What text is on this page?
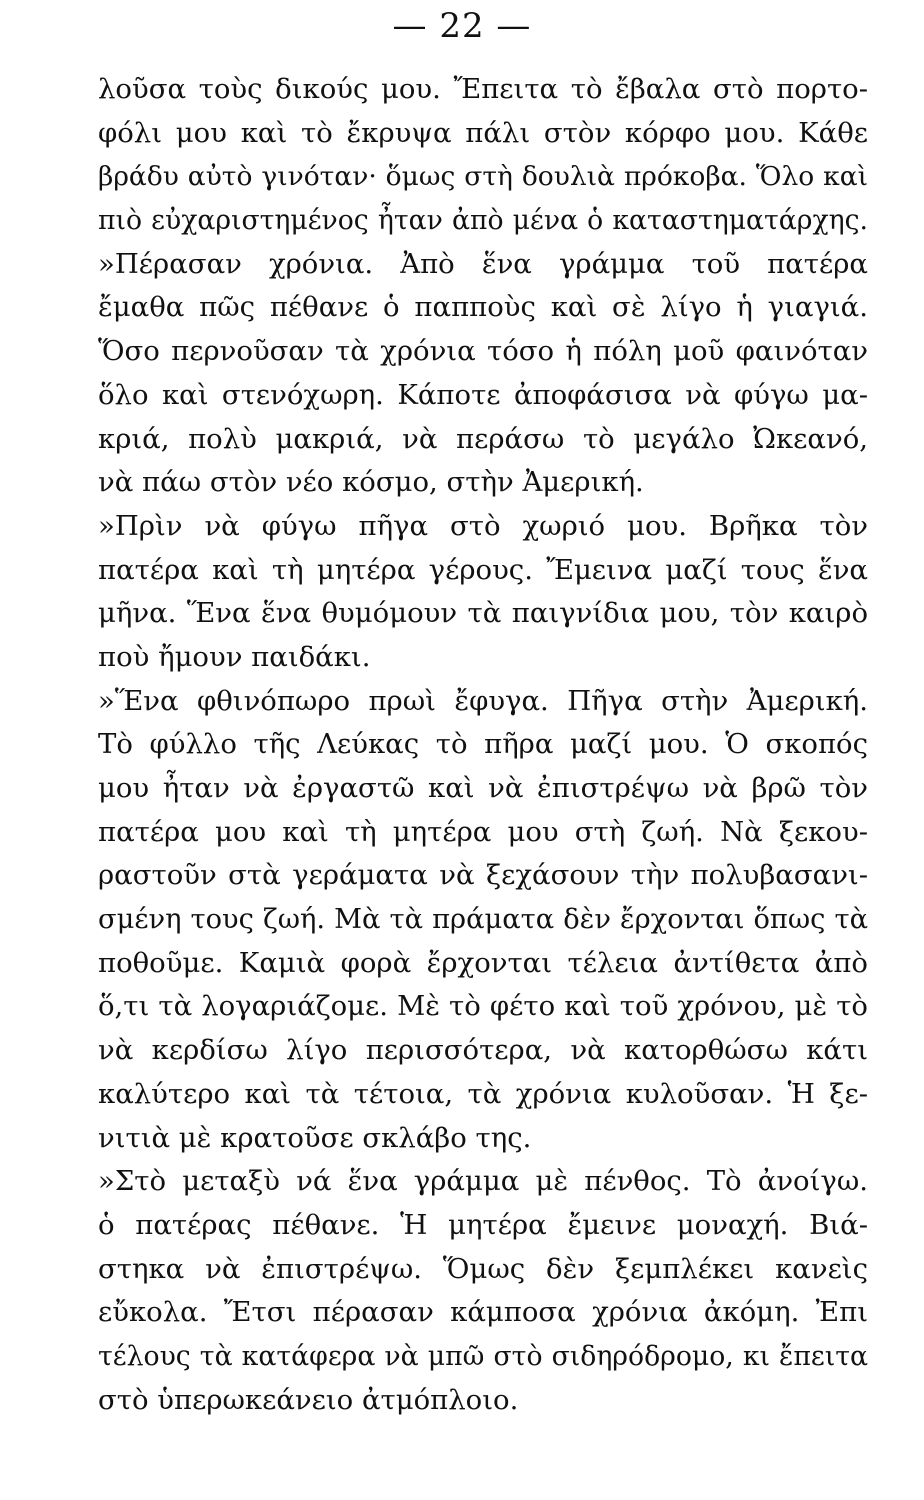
— 22 —
λοῦσα τοὺς δικούς μου. Ἔπειτα τὸ ἔβαλα στὸ πορτο-
φόλι μου καὶ τὸ ἔκρυψα πάλι στὸν κόρφο μου. Κάθε
βράδυ αὐτὸ γινόταν· ὅμως στὴ δουλιὰ πρόκοβα. Ὅλο καὶ
πιὸ εὐχαριστημένος ἦταν ἀπὸ μένα ὁ καταστηματάρχης.
»Πέρασαν χρόνια. Ἀπὸ ἕνα γράμμα τοῦ πατέρα
ἔμαθα πῶς πέθανε ὁ παπποὺς καὶ σὲ λίγο ἡ γιαγιά.
Ὅσο περνοῦσαν τὰ χρόνια τόσο ἡ πόλη μοῦ φαινόταν
ὅλο καὶ στενόχωρη. Κάποτε ἀποφάσισα νὰ φύγω μα-
κριά, πολὺ μακριά, νὰ περάσω τὸ μεγάλο Ὠκεανό,
νὰ πάω στὸν νέο κόσμο, στὴν Ἀμερική.
»Πρὶν νὰ φύγω πῆγα στὸ χωριό μου. Βρῆκα τὸν
πατέρα καὶ τὴ μητέρα γέρους. Ἔμεινα μαζί τους ἕνα
μῆνα. Ἕνα ἕνα θυμόμουν τὰ παιγνίδια μου, τὸν καιρὸ
ποὺ ἤμουν παιδάκι.
»Ἕνα φθινόπωρο πρωὶ ἔφυγα. Πῆγα στὴν Ἀμερική.
Τὸ φύλλο τῆς Λεύκας τὸ πῆρα μαζί μου. Ὁ σκοπός
μου ἦταν νὰ ἐργαστῶ καὶ νὰ ἐπιστρέψω νὰ βρῶ τὸν
πατέρα μου καὶ τὴ μητέρα μου στὴ ζωή. Νὰ ξεκου-
ραστοῦν στὰ γεράματα νὰ ξεχάσουν τὴν πολυβασανι-
σμένη τους ζωή. Μὰ τὰ πράματα δὲν ἔρχονται ὅπως τὰ
ποθοῦμε. Καμιὰ φορὰ ἔρχονται τέλεια ἀντίθετα ἀπὸ
ὅ,τι τὰ λογαριάζομε. Μὲ τὸ φέτο καὶ τοῦ χρόνου, μὲ τὸ
νὰ κερδίσω λίγο περισσότερα, νὰ κατορθώσω κάτι
καλύτερο καὶ τὰ τέτοια, τὰ χρόνια κυλοῦσαν. Ἡ ξε-
νιτιὰ μὲ κρατοῦσε σκλάβο της.
»Στὸ μεταξὺ νά ἕνα γράμμα μὲ πένθος. Τὸ ἀνοίγω.
ὁ πατέρας πέθανε. Ἡ μητέρα ἔμεινε μοναχή. Βιά-
στηκα νὰ ἐπιστρέψω. Ὅμως δὲν ξεμπλέκει κανεὶς
εὔκολα. Ἔτσι πέρασαν κάμποσα χρόνια ἀκόμη. Ἐπι
τέλους τὰ κατάφερα νὰ μπῶ στὸ σιδηρόδρομο, κι ἔπειτα
στὸ ὑπερωκεάνειο ἀτμόπλοιο.
